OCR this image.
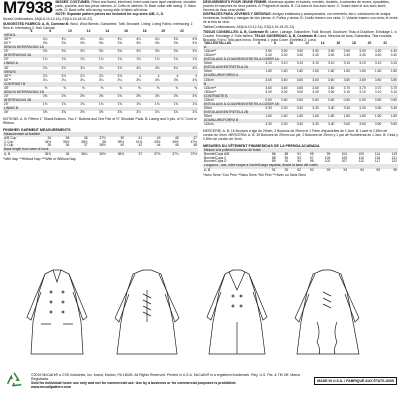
M7938 MISSES' COSTUMES: Fitted and flared, interlined, lined coats have lapel variations, shoulder pads, pockets, and two-piece sleeves. A: Cuffs on sleeves. B: Back collar with lacing. C: Back cuffs. D: Back ruffle with lacing; wrong side of fabric will show.
NOTE: Separate pattern pieces are included for cup sizes A/B, C, D.
Sizes/Combinations: A5(6-8-10-12-14), E5(14-16-18-20-22)
SUGGESTED FABRICS: A, B, Contrast B: Wool, Wool Blends, Gabardine, Twill, Brocade. Lining: Lining Fabric. Interfacing 1: Sew-in. Interfacing 2: Hair Canvas.
	6	8	10	12	14	16	18	20	22
VIEW A									
45"**	4¼	4¼	4¼	4¼	4¼	4¼	4¼	4⅝	4⅝
60"**	3⅝	3⅝	3⅝	3⅝	3⅝	3⅝	3⅝	3⅝	3⅝
SEW-IN INTERFACING 1A									
20"	3⅜	3⅜	3⅜	3⅜	3⅜	3⅜	3⅜	3⅜	3⅜
INTERFACING 2A									
20"	1¾	1¾	1¾	1¾	1¾	1¾	1¾	1¾	1¾
LINING A									
45"	3⅞	3⅞	3⅞	3⅞	3⅞	4⅛	4⅛	4⅛	4⅛
VIEW B									
45"**	3⅞	3⅞	3⅞	3⅞	3⅞	4	4	4	4
60"**	3¼	3¼	3¼	3¼	3¼	3⅜	3⅜	3⅜	3⅜
CONTRAST B									
45"	⅝	⅝	⅝	⅝	⅝	⅝	⅝	⅝	⅝
SEW-IN INTERFACING 1B									
20"	3⅝	3⅝	3⅝	3⅝	3⅝	3⅝	3⅝	3⅝	3⅝
INTERFACING 2B									
20"	1¾	1¾	1¾	1¾	1¾	1¾	1¾	1¾	1¾
LINING B									
45"	3⅝	3⅝	3⅝	3⅝	3⅝	3⅞	3⅞	3⅞	3⅞
NOTIONS: A, B: Fifteen 1" Shank Buttons, Two 1" Buttons and One Pair of ½" Shoulder Pads. B: Lacing and 3 yds. of ⅛" Cord or Ribbon.
FINISHED GARMENT MEASUREMENTS
Measurement at bustline									
A/B Cup	34	35	36	37½	39	41	43	45	47
C Cup	34½	35½	36½	38	39½	41½	43½	45½	47½
D Cup	35	36	37	38½	40	42	44	46	48
Back length from base of neck									
A, B	35⅞	36	36¼	36½	36⅝	37	37⅛	37¼	37½
*With Nap **Without Nap ***With or Without Nap
DÉGUISEMENTS POUR JEUNE FEMME: Manteaux ajustés et évasés, entoilés, doublés, à variantes de revers, épaulettes, poches et manches en deux parties. A: Poignets et lacets. B: Col dans le dos avec lacet. C: Volant dans le dos avec lacet; l'envers du tissu sera visible.
DISFRACES PARA JÓVENES Y SEÑORAS: Abrigos entallados y acampanados, con entretela, forro, variaciones de solapa, hombreras, bolsillos y mangas de dos piezas. A: Puños y cintas. B: Cuello trasero con cinta. C: Volante trasero con cinta; el revés de la tela se verá.
Tailles/Combinaisons: A5(6-8-10-12-14), E5(14-16-18-20-22)
TISSUS CONSEILLÉS: A, B, Contraste B: Laine, Lainage, Gabardine, Twill, Brocart. Doublure: Tissu à Doublure. Entoilage 1: à Coudre. Entoilage 2: Toile tailleur. TELAS SUGERIDAS: A, B, Contraste B: Lana, Mezclas de lana, Gabardina, Tela cruzada, Brocado. Forro: Tela para forros. Entretela 1: para Coser. Entretela 2: Lona.
TAILLES/TALLAS	6	8	10	12	14	16	18	20	22
A									
115cm**	3.90	3.90	3.90	3.90	3.90	3.90	3.90	4.30	4.30
150cm**	3.40	3.40	3.40	3.40	3.40	3.40	3.40	3.40	3.40
ENTOILAGE À COUDRE/ENTRETELA COSER 1A									
50cm	3.10	3.10	3.10	3.10	3.10	3.10	3.10	3.10	3.10
ENTOILAGE/ENTRETELA 2A									
50cm	1.60	1.60	1.60	1.60	1.60	1.60	1.60	1.60	1.60
DOUBLURE/FORRO A									
115cm	3.60	3.60	3.60	3.60	3.60	3.80	3.80	3.80	3.80
B									
115cm**	3.60	3.60	3.60	3.60	3.60	3.70	3.70	3.70	3.70
150cm**	3.00	3.00	3.00	3.00	3.00	3.10	3.10	3.10	3.10
CONTRASTE B									
115cm	0.60	0.60	0.60	0.60	0.60	0.60	0.60	0.60	0.60
ENTOILAGE À COUDRE/ENTRETELA COSER 1B									
50cm	3.30	3.30	3.30	3.30	3.30	3.30	3.30	3.30	3.30
ENTOILAGE/ENTRETELA 2B									
50cm	1.60	1.60	1.60	1.60	1.60	1.60	1.60	1.60	1.60
DOUBLURE/FORRO B									
115cm	3.30	3.30	3.30	3.30	3.30	3.60	3.60	3.60	3.60
MERCERIE: A, B: 15 Boutons à tige de 25mm, 2 Boutons de 25mm et 1 Paire d'épaulettes de 1,3cm. B: Lacet et 2,80m de cordon de 3mm. MERCERÍA: A, B: 15 Botones de 25mm con pie, 2 Botones de 25mm y 1 par de Hombreras de 1,3cm. B: Cinta y 2,80m de cordón de 3mm.
MESURES DU VÊTEMENT FINI/MEDIDAS DE LA PRENDA ACABADA
Mesure à la poitrine/Contorno de busto									
Bonnet/Copa A/B	86	89	91	95	99	104	109	114	119
Bonnet/Copa C	88	90	93	97	100	105	110	116	121
Bonnet/Copa D	89	91	94	98	102	107	112	117	122
Longueur - dos, votre nuque à l'ourlet/Largo espalda, desde la base del cuello									
A, B	91	92	92	93	93	94	94	95	95
*Avec Sens *Con Pelo **Sans Sens *Sin Pelo ***Avec ou Sans Sens
©2019 McCall's® a CSS Industries, Inc. brand, Easton, PA 18045. All Rights Reserved. Printed in U.S.A. McCall's® is a registered trademark. Reg. U.S. Pat. & TM Off. Marca Registrada.
Sold for individual home use only and not for commercial use. Use by a business or for commercial purposes is prohibited.
www.mccallpattern.com
MADE IN U.S.A. / FABRIQUÉ AUX ÉTATS-UNIS
